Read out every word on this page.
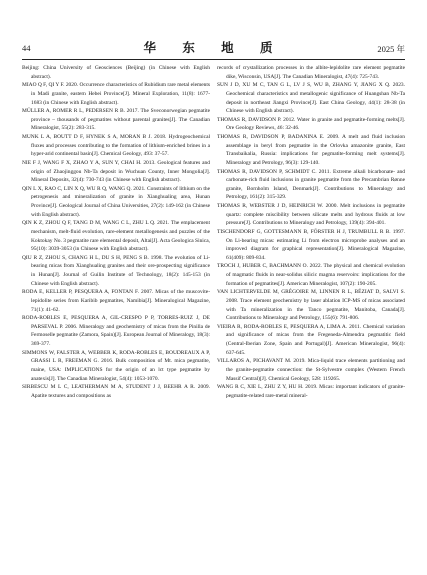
44	华 东 地 质	2025 年

Beijing: China University of Geosciences (Beijing) (in Chinese with English abstract).

MIAO Q F, QI Y F. 2020. Occurrence characteristics of Rubidium rare metal elements in Madi granite, eastern Hebei Province[J]. Mineral Exploration, 11(8): 1677-1683 (in Chinese with English abstract).

MÜLLER A, ROMER R L, PEDERSEN R B. 2017. The Sveconorwegian pegmatite province – thousands of pegmatites without parental granites[J]. The Canadian Mineralogist, 55(2): 283-315.

MUNK L A, BOUTT D F, HYNEK S A, MORAN B J. 2018. Hydrogeochemical fluxes and processes contributing to the formation of lithium-enriched brines in a hyper-arid continental basin[J]. Chemical Geology, 493: 37-57.

NIE F J, WANG F X, ZHAO Y A, SUN Y, CHAI H. 2013. Geological features and origin of Zhaojinggou Nb-Ta deposit in Wuchuan County, Inner Mongolia[J]. Mineral Deposits, 32(4): 730-743 (in Chinese with English abstract).

QIN L X, RAO C, LIN X Q, WU R Q, WANG Q. 2021. Constraints of lithium on the petrogenesis and mineralization of granite in Xianghualing area, Hunan Province[J]. Geological Journal of China Universities, 27(2): 149-162 (in Chinese with English abstract).

QIN K Z, ZHOU Q F, TANG D M, WANG C L, ZHU L Q. 2021. The emplacement mechanism, melt-fluid evolution, rare-element metallogenesis and puzzles of the Koktokay No. 3 pegmatite rare elemental deposit, Altai[J]. Acta Geologica Sinica, 95(10): 3039-3053 (in Chinese with English abstract).

QIU R Z, ZHOU S, CHANG H L, DU S H, PENG S B. 1998. The evolution of Li-bearing micas from Xianghualing granites and their ore-prospecting significance in Hunan[J]. Journal of Guilin Institute of Technology, 18(2): 145-153 (in Chinese with English abstract).

RODA E, KELLER P, PESQUERA A, FONTAN F. 2007. Micas of the muscovite-lepidolite series from Karibib pegmatites, Namibia[J]. Mineralogical Magazine, 71(1): 41-62.

RODA-ROBLES E, PESQUERA A, GIL-CRESPO P P, TORRES-RUIZ J, DE PARSEVAL P. 2006. Mineralogy and geochemistry of micas from the Pinilla de Fermoselle pegmatite (Zamora, Spain)[J]. European Journal of Mineralogy, 18(3): 369-377.

SIMMONS W, FALSTER A, WEBBER K, RODA-ROBLES E, BOUDREAUX A P, GRASSI L R, FREEMAN G. 2016. Bulk composition of Mt. mica pegmatite, maine, USA: IMPLICATIONS for the origin of an lct type pegmatite by anatexis[J]. The Canadian Mineralogist, 54(4): 1053-1070.

SIRBESCU M L C, LEATHERMAN M A, STUDENT J J, BEEHR A R. 2009. Apatite textures and compositions as

records of crystallization processes in the albite-lepidolite rare element pegmatite dike, Wisconsin, USA[J]. The Canadian Mineralogist, 47(4): 725-743.

SUN J D, XU M C, TAN G L, LV J S, WU B, ZHANG Y, JIANG X Q. 2023. Geochemical characteristics and metallogenic significance of Huangshan Nb-Ta deposit in northeast Jiangxi Province[J]. East China Geology, 44(1): 28-38 (in Chinese with English abstract).

THOMAS R, DAVIDSON P. 2012. Water in granite and pegmatite-forming melts[J]. Ore Geology Reviews, 46: 32-46.

THOMAS R, DAVIDSON P, BADANINA E. 2009. A melt and fluid inclusion assemblage in beryl from pegmatite in the Orlovka amazonite granite, East Transbaikalia, Russia: implications for pegmatite-forming melt systems[J]. Mineralogy and Petrology, 96(3): 129-140.

THOMAS R, DAVIDSON P, SCHMIDT C. 2011. Extreme alkali bicarbonate- and carbonate-rich fluid inclusions in granite pegmatite from the Precambrian Rønne granite, Bornholm Island, Denmark[J]. Contributions to Mineralogy and Petrology, 161(2): 315-329.

THOMAS R, WEBSTER J D, HEINRICH W. 2000. Melt inclusions in pegmatite quartz: complete miscibility between silicate melts and hydrous fluids at low pressure[J]. Contributions to Mineralogy and Petrology, 139(4): 394-401.

TISCHENDORF G, GOTTESMANN B, FÖRSTER H J, TRUMBULL R B. 1997. On Li-bearing micas: estimating Li from electron microprobe analyses and an improved diagram for graphical representation[J]. Mineralogical Magazine, 61(409): 809-834.

TROCH J, HUBER C, BACHMANN O. 2022. The physical and chemical evolution of magmatic fluids in near-solidus silicic magma reservoirs: implications for the formation of pegmatites[J]. American Mineralogist, 107(2): 190-205.

VAN LICHTERVELDE M, GRÉGOIRE M, LINNEN R L, BÉZIAT D, SALVI S. 2008. Trace element geochemistry by laser ablation ICP-MS of micas associated with Ta mineralization in the Tanco pegmatite, Manitoba, Canada[J]. Contributions to Mineralogy and Petrology, 155(6): 791-806.

VIEIRA R, RODA-ROBLES E, PESQUERA A, LIMA A. 2011. Chemical variation and significance of micas from the Fregeneda-Almendra pegmatitic field (Central-Iberian Zone, Spain and Portugal)[J]. American Mineralogist, 96(4): 637-645.

VILLAROS A, PICHAVANT M. 2019. Mica-liquid trace elements partitioning and the granite-pegmatite connection: the St-Sylvestre complex (Western French Massif Central)[J]. Chemical Geology, 528: 119265.

WANG R C, XIE L, ZHU Z Y, HU H. 2019. Micas: important indicators of granite-pegmatite-related rare-metal mineral-
